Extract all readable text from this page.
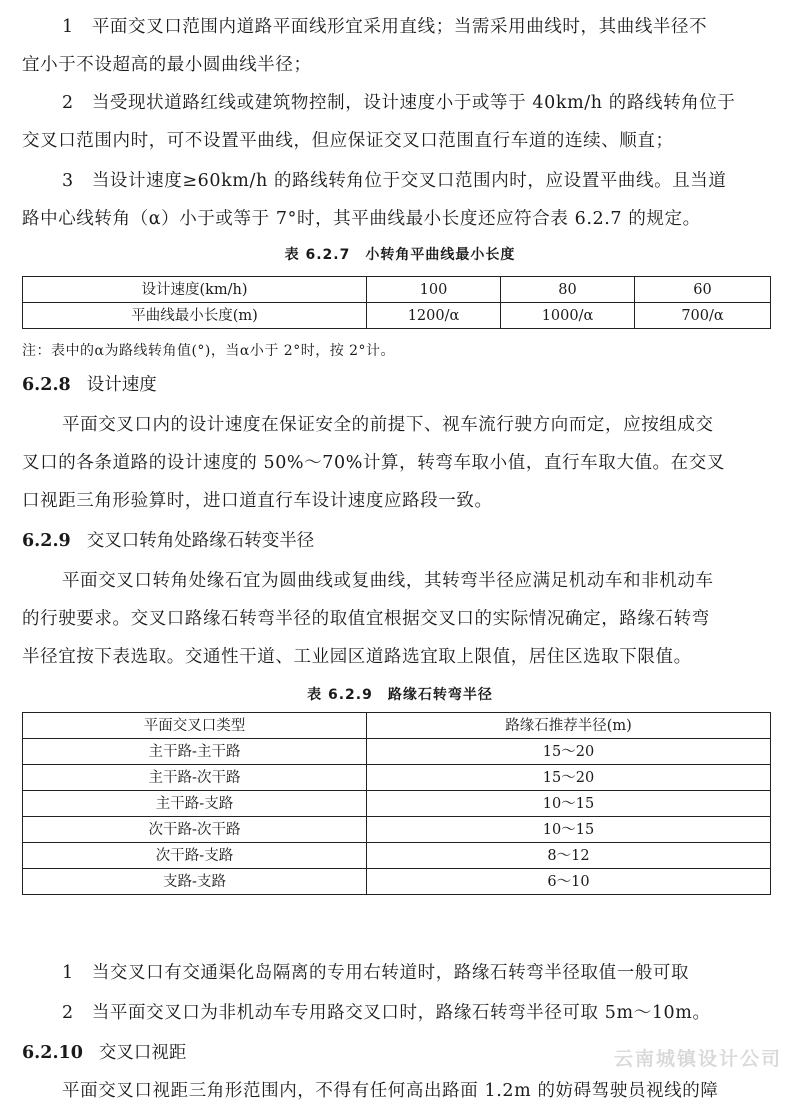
1　平面交叉口范围内道路平面线形宜采用直线；当需采用曲线时，其曲线半径不
宜小于不设超高的最小圆曲线半径；
2　当受现状道路红线或建筑物控制，设计速度小于或等于 40km/h 的路线转角位于
交叉口范围内时，可不设置平曲线，但应保证交叉口范围直行车道的连续、顺直；
3　当设计速度≥60km/h 的路线转角位于交叉口范围内时，应设置平曲线。且当道
路中心线转角（α）小于或等于 7°时，其平曲线最小长度还应符合表 6.2.7 的规定。
表 6.2.7　小转角平曲线最小长度
设计速度(km/h)	100	80	60
平曲线最小长度(m)	1200/α	1000/α	700/α
注：表中的α为路线转角值(°)，当α小于 2°时，按 2°计。
6.2.8 设计速度
平面交叉口内的设计速度在保证安全的前提下、视车流行驶方向而定，应按组成交
叉口的各条道路的设计速度的 50%～70%计算，转弯车取小值，直行车取大值。在交叉
口视距三角形验算时，进口道直行车设计速度应路段一致。
6.2.9 交叉口转角处路缘石转变半径
平面交叉口转角处缘石宜为圆曲线或复曲线，其转弯半径应满足机动车和非机动车
的行驶要求。交叉口路缘石转弯半径的取值宜根据交叉口的实际情况确定，路缘石转弯
半径宜按下表选取。交通性干道、工业园区道路选宜取上限值，居住区选取下限值。
表 6.2.9　路缘石转弯半径
平面交叉口类型	路缘石推荐半径(m)
主干路-主干路	15～20
主干路-次干路	15～20
主干路-支路	10～15
次干路-次干路	10～15
次干路-支路	8～12
支路-支路	6～10
1　当交叉口有交通渠化岛隔离的专用右转道时，路缘石转弯半径取值一般可取
2　当平面交叉口为非机动车专用路交叉口时，路缘石转弯半径可取 5m～10m。
6.2.10 交叉口视距
平面交叉口视距三角形范围内，不得有任何高出路面 1.2m 的妨碍驾驶员视线的障
云南城镇设计公司
